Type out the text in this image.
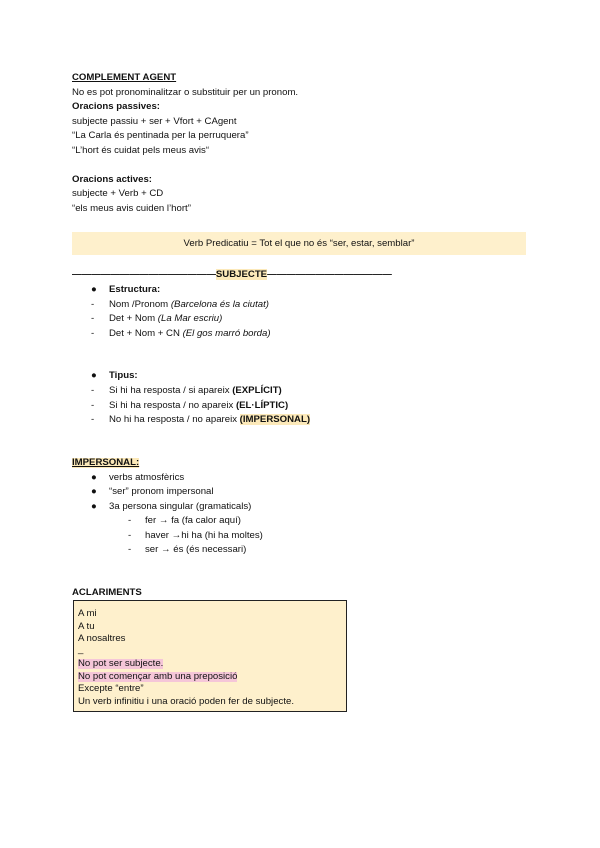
COMPLEMENT AGENT
No es pot pronominalitzar o substituir per un pronom.
Oracions passives:
subjecte passiu + ser + Vfort + CAgent
“La Carla és pentinada per la perruquera”
“L’hort és cuidat pels meus avis“
Oracions actives:
subjecte + Verb + CD
“els meus avis cuiden l’hort”
Verb Predicatiu = Tot el que no és “ser, estar, semblar”
———————————————SUBJECTE—————————————
● Estructura:
- Nom /Pronom (Barcelona és la ciutat)
- Det + Nom (La Mar escriu)
- Det + Nom + CN (El gos marró borda)
● Tipus:
- Si hi ha resposta / si apareix (EXPLÍCIT)
- Si hi ha resposta / no apareix (EL·LÍPTIC)
- No hi ha resposta / no apareix (IMPERSONAL)
IMPERSONAL:
● verbs atmosfèrics
● “ser” pronom impersonal
● 3a persona singular (gramaticals)
- fer → fa (fa calor aquí)
- haver →hi ha (hi ha moltes)
- ser → és (és necessari)
ACLARIMENTS
A mi
A tu
A nosaltres
_
No pot ser subjecte.
No pot començar amb una preposició
Excepte “entre”
Un verb infinitiu i una oració poden fer de subjecte.
